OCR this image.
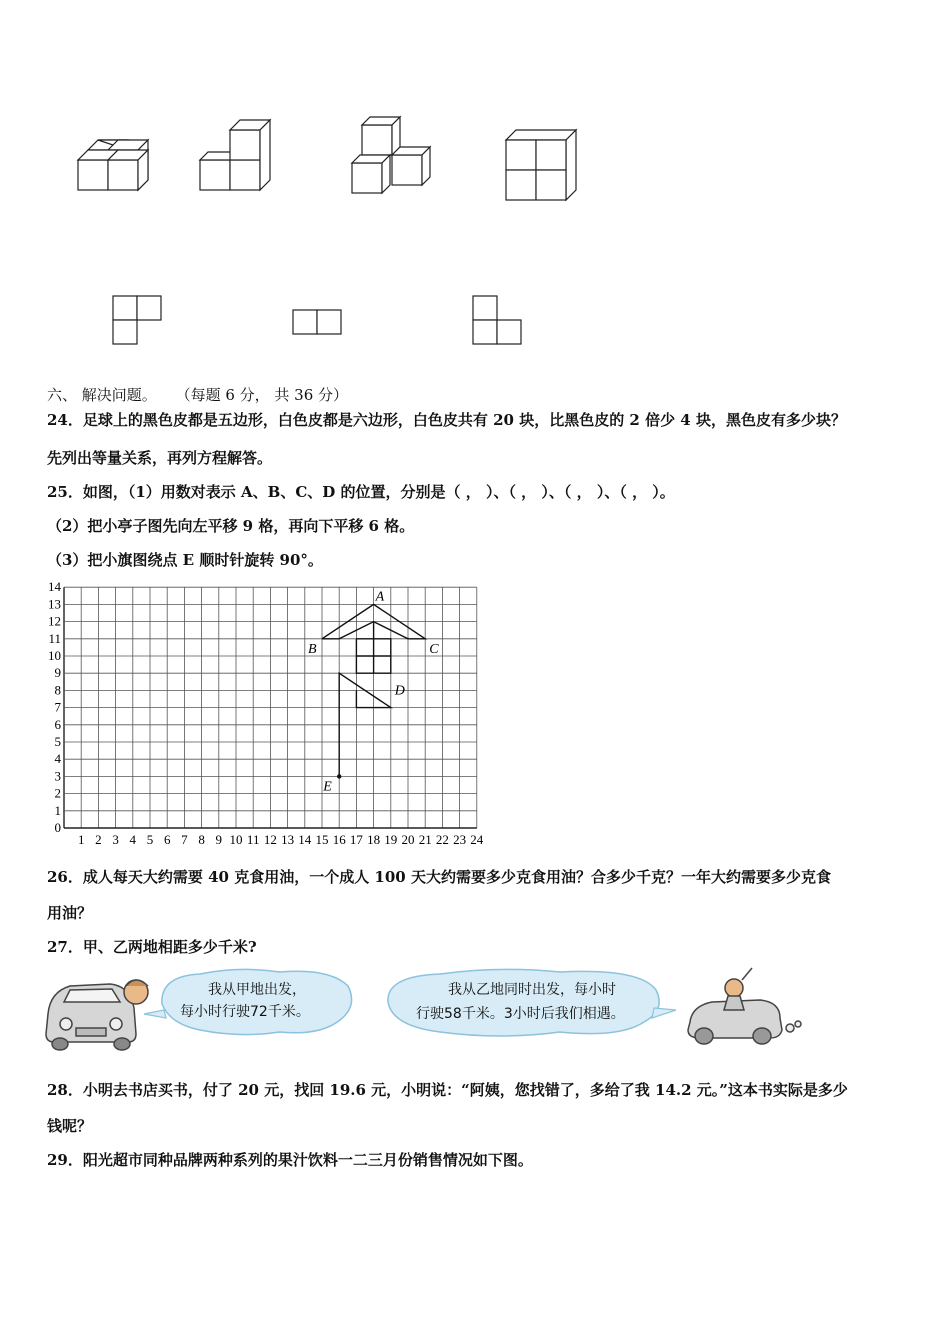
六、 解决问题。 （每题 6 分， 共 36 分）
24．足球上的黑色皮都是五边形，白色皮都是六边形，白色皮共有 20 块，比黑色皮的 2 倍少 4 块，黑色皮有多少块？
先列出等量关系，再列方程解答。
25．如图，（1）用数对表示 A、B、C、D 的位置，分别是（ ， ）、（ ， ）、（ ， ）、（ ， ）。
（2）把小亭子图先向左平移 9 格，再向下平移 6 格。
（3）把小旗图绕点 E 顺时针旋转 90°。
1 2 3 4 5 6 7 8 9 10 11 12 13 14 15 16 17 18 19 20 21 22 23 24
0
1
2
3
4
5
6
7
8
9
10
11
12
13
14
A
B	C
D
E
26．成人每天大约需要 40 克食用油，一个成人 100 天大约需要多少克食用油？合多少千克？一年大约需要多少克食
用油？
27．甲、乙两地相距多少千米?
我从甲地出发，
每小时行驶72千米。
我从乙地同时出发，每小时
行驶58千米。3小时后我们相遇。
28．小明去书店买书，付了 20 元，找回 19.6 元，小明说：“阿姨，您找错了，多给了我 14.2 元。”这本书实际是多少
钱呢？
29．阳光超市同种品牌两种系列的果汁饮料一二三月份销售情况如下图。
